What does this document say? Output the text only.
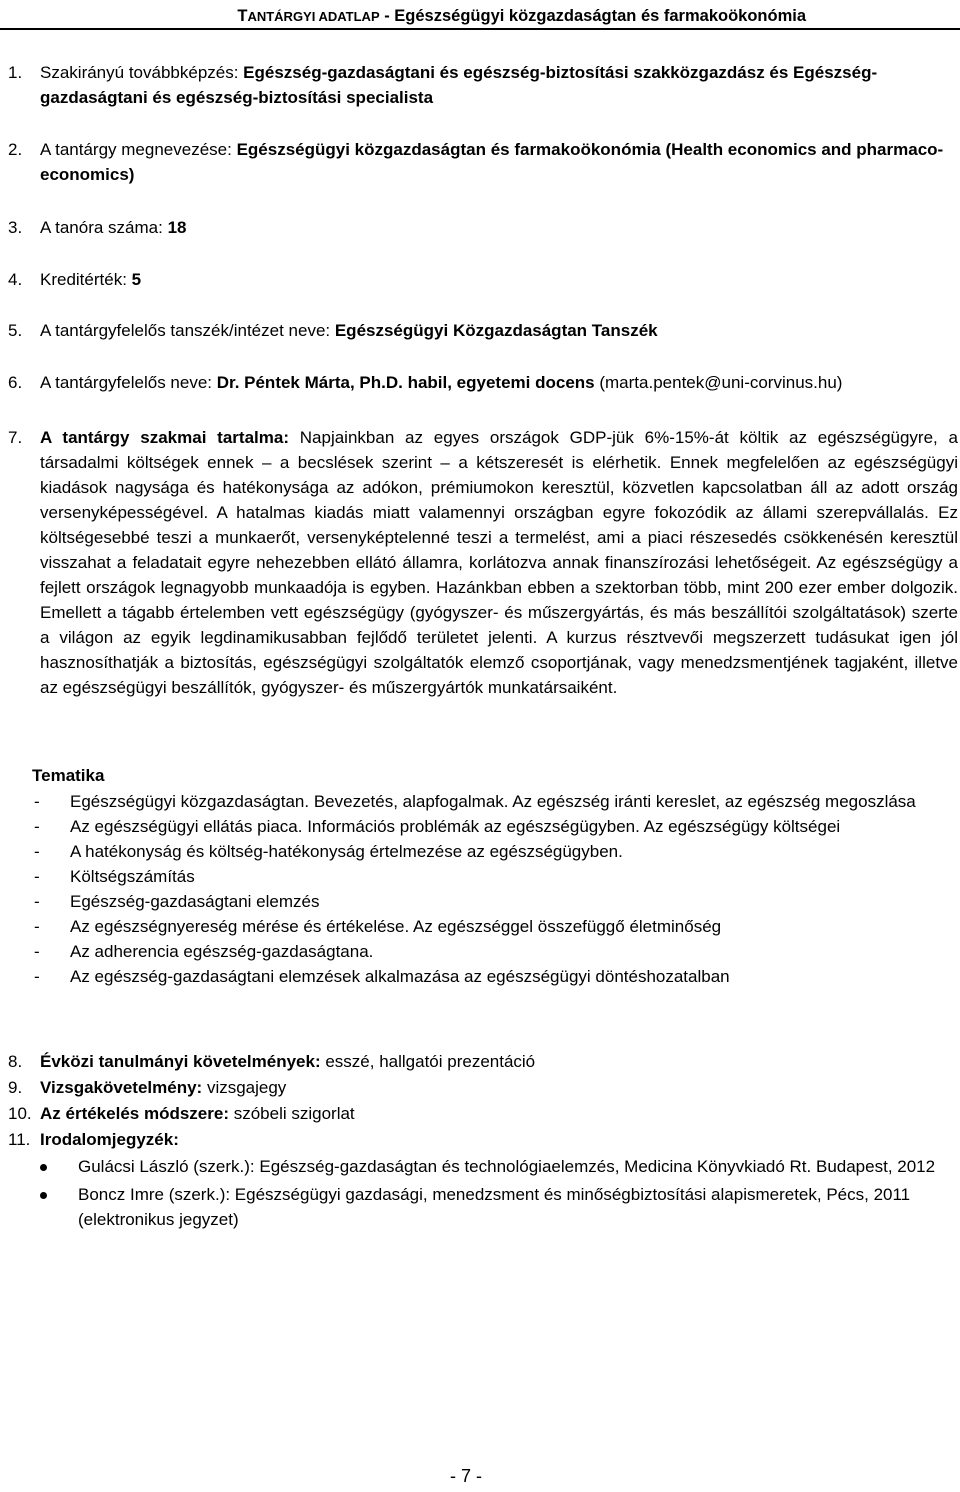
TANTÁRGYI ADATLAP - Egészségügyi közgazdaságtan és farmakoökonómia
1. Szakirányú továbbképzés: Egészség-gazdaságtani és egészség-biztosítási szakközgazdász és Egészség-gazdaságtani és egészség-biztosítási specialista
2. A tantárgy megnevezése: Egészségügyi közgazdaságtan és farmakoökonómia (Health economics and pharmaco-economics)
3. A tanóra száma: 18
4. Kreditérték: 5
5. A tantárgyfelelős tanszék/intézet neve: Egészségügyi Közgazdaságtan Tanszék
6. A tantárgyfelelős neve: Dr. Péntek Márta, Ph.D. habil, egyetemi docens (marta.pentek@uni-corvinus.hu)
7. A tantárgy szakmai tartalma: Napjainkban az egyes országok GDP-jük 6%-15%-át költik az egészségügyre, a társadalmi költségek ennek – a becslések szerint – a kétszeresét is elérhetik. Ennek megfelelően az egészségügyi kiadások nagysága és hatékonysága az adókon, prémiumokon keresztül, közvetlen kapcsolatban áll az adott ország versenyképességével. A hatalmas kiadás miatt valamennyi országban egyre fokozódik az állami szerepvállalás. Ez költségesebbé teszi a munkaerőt, versenyképtelenné teszi a termelést, ami a piaci részesedés csökkenésén keresztül visszahat a feladatait egyre nehezebben ellátó államra, korlátozva annak finanszírozási lehetőségeit. Az egészségügy a fejlett országok legnagyobb munkaadója is egyben. Hazánkban ebben a szektorban több, mint 200 ezer ember dolgozik. Emellett a tágabb értelemben vett egészségügy (gyógyszer- és műszergyártás, és más beszállítói szolgáltatások) szerte a világon az egyik legdinamikusabban fejlődő területet jelenti. A kurzus résztvevői megszerzett tudásukat igen jól hasznosíthatják a biztosítás, egészségügyi szolgáltatók elemző csoportjának, vagy menedzsmentjének tagjaként, illetve az egészségügyi beszállítók, gyógyszer- és műszergyártók munkatársaiként.
Tematika
- Egészségügyi közgazdaságtan. Bevezetés, alapfogalmak. Az egészség iránti kereslet, az egészség megoszlása
- Az egészségügyi ellátás piaca. Információs problémák az egészségügyben. Az egészségügy költségei
- A hatékonyság és költség-hatékonyság értelmezése az egészségügyben.
- Költségszámítás
- Egészség-gazdaságtani elemzés
- Az egészségnyereség mérése és értékelése. Az egészséggel összefüggő életminőség
- Az adherencia egészség-gazdaságtana.
- Az egészség-gazdaságtani elemzések alkalmazása az egészségügyi döntéshozatalban
8. Évközi tanulmányi követelmények: esszé, hallgatói prezentáció
9. Vizsgakövetelmény: vizsgajegy
10. Az értékelés módszere: szóbeli szigorlat
11. Irodalomjegyzék:
Gulácsi László (szerk.): Egészség-gazdaságtan és technológiaelemzés, Medicina Könyvkiadó Rt. Budapest, 2012
Boncz Imre (szerk.): Egészségügyi gazdasági, menedzsment és minőségbiztosítási alapismeretek, Pécs, 2011 (elektronikus jegyzet)
- 7 -
